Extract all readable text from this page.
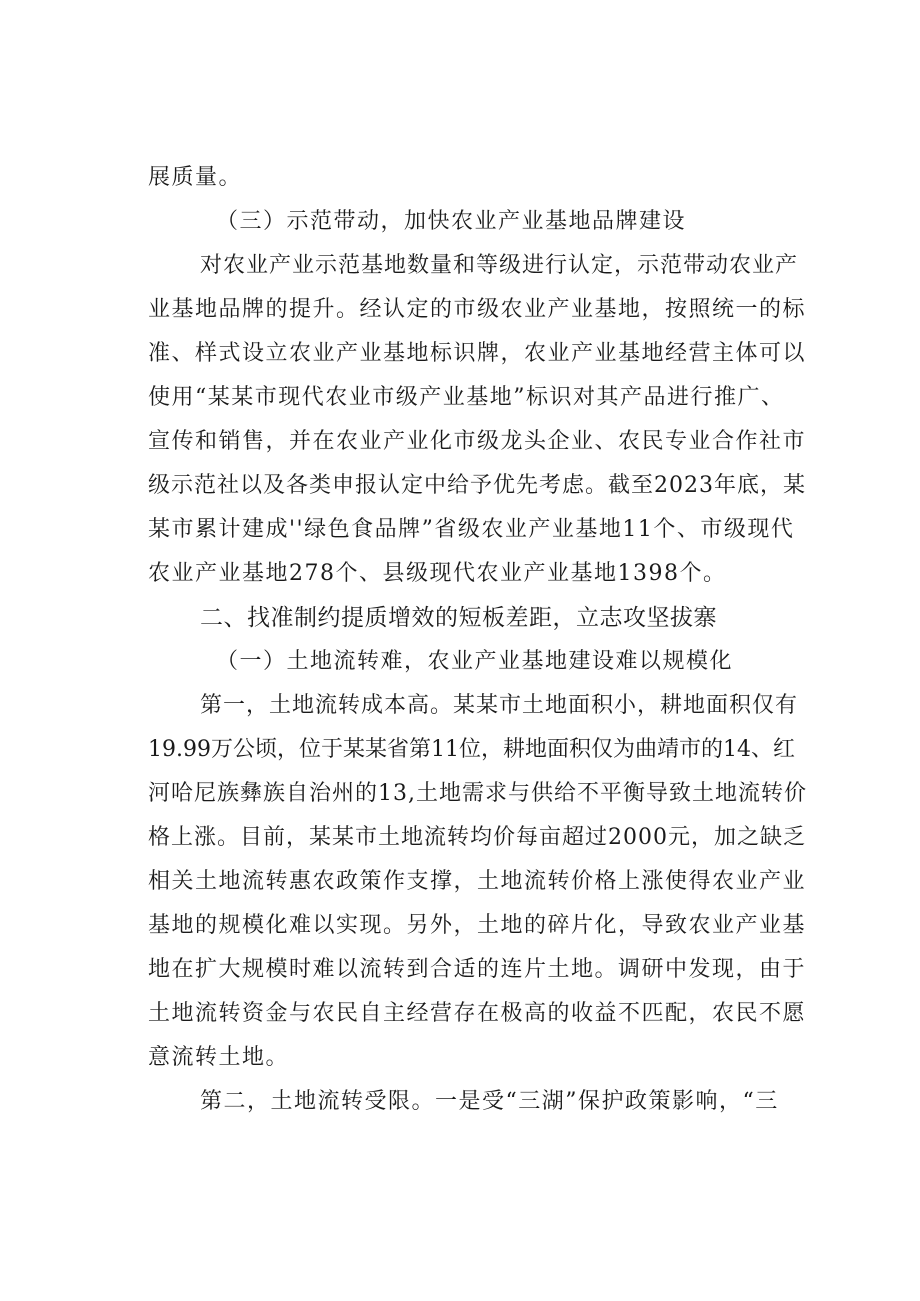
展质量。
（三）示范带动，加快农业产业基地品牌建设
对农业产业示范基地数量和等级进行认定，示范带动农业产
业基地品牌的提升。经认定的市级农业产业基地，按照统一的标
准、样式设立农业产业基地标识牌，农业产业基地经营主体可以
使用“某某市现代农业市级产业基地”标识对其产品进行推广、
宣传和销售，并在农业产业化市级龙头企业、农民专业合作社市
级示范社以及各类申报认定中给予优先考虑。截至2023年底，某
某市累计建成''绿色食品牌”省级农业产业基地11个、市级现代
农业产业基地278个、县级现代农业产业基地1398个。
二、找准制约提质增效的短板差距，立志攻坚拔寨
（一）土地流转难，农业产业基地建设难以规模化
第一，土地流转成本高。某某市土地面积小，耕地面积仅有
19.99万公顷，位于某某省第11位，耕地面积仅为曲靖市的14、红
河哈尼族彝族自治州的13,土地需求与供给不平衡导致土地流转价
格上涨。目前，某某市土地流转均价每亩超过2000元，加之缺乏
相关土地流转惠农政策作支撑，土地流转价格上涨使得农业产业
基地的规模化难以实现。另外，土地的碎片化，导致农业产业基
地在扩大规模时难以流转到合适的连片土地。调研中发现，由于
土地流转资金与农民自主经营存在极高的收益不匹配，农民不愿
意流转土地。
第二，土地流转受限。一是受“三湖”保护政策影响，“三
